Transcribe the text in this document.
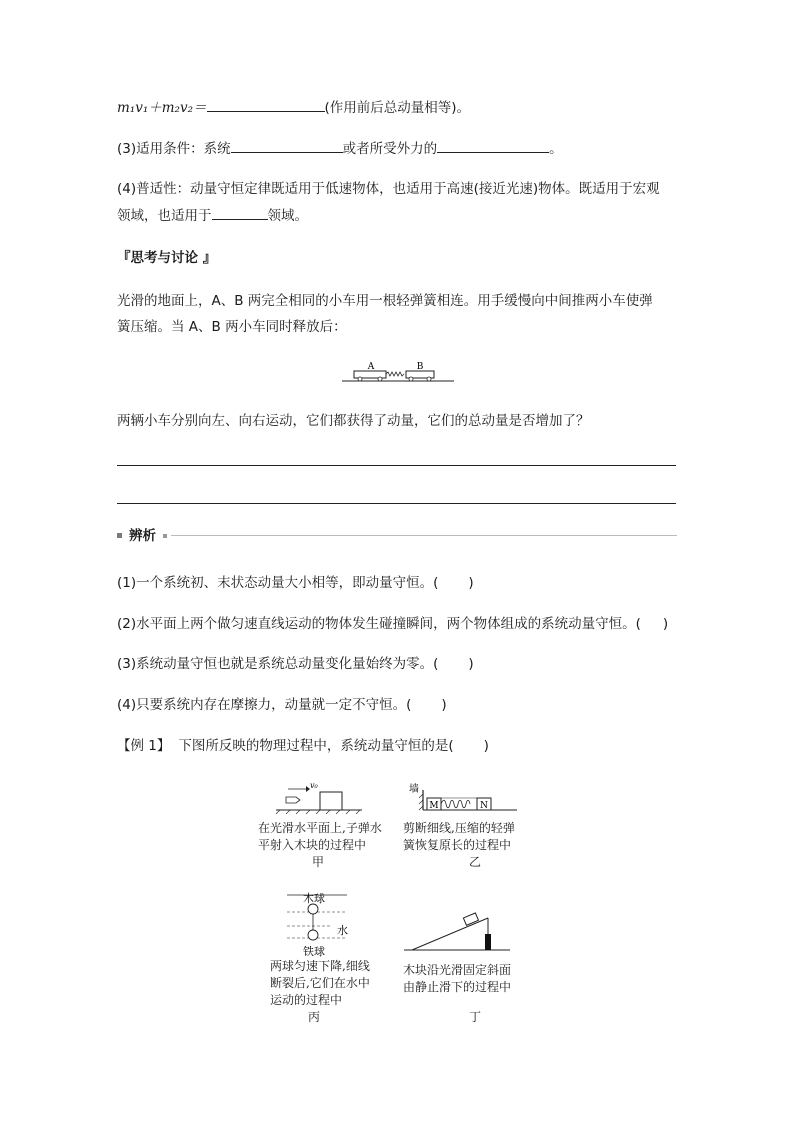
m₁v₁＋m₂v₂＝	(作用前后总动量相等)。
(3)适用条件：系统	或者所受外力的	。
(4)普适性：动量守恒定律既适用于低速物体，也适用于高速(接近光速)物体。既适用于宏观
领域，也适用于	领域。
『思考与讨论 』
光滑的地面上，A、B 两完全相同的小车用一根轻弹簧相连。用手缓慢向中间推两小车使弹
簧压缩。当 A、B 两小车同时释放后：
A	B
两辆小车分别向左、向右运动，它们都获得了动量，它们的总动量是否增加了？
辨析
(1)一个系统初、末状态动量大小相等，即动量守恒。( )
(2)水平面上两个做匀速直线运动的物体发生碰撞瞬间，两个物体组成的系统动量守恒。( )
(3)系统动量守恒也就是系统总动量变化量始终为零。( )
(4)只要系统内存在摩擦力，动量就一定不守恒。( )
【例 1】 下图所反映的物理过程中，系统动量守恒的是( )
v₀
在光滑水平面上,子弹水
平射入木块的过程中
甲
墙
M	N
剪断细线,压缩的轻弹
簧恢复原长的过程中
乙
木球
水
铁球
两球匀速下降,细线
断裂后,它们在水中
运动的过程中
丙
木块沿光滑固定斜面
由静止滑下的过程中
丁
